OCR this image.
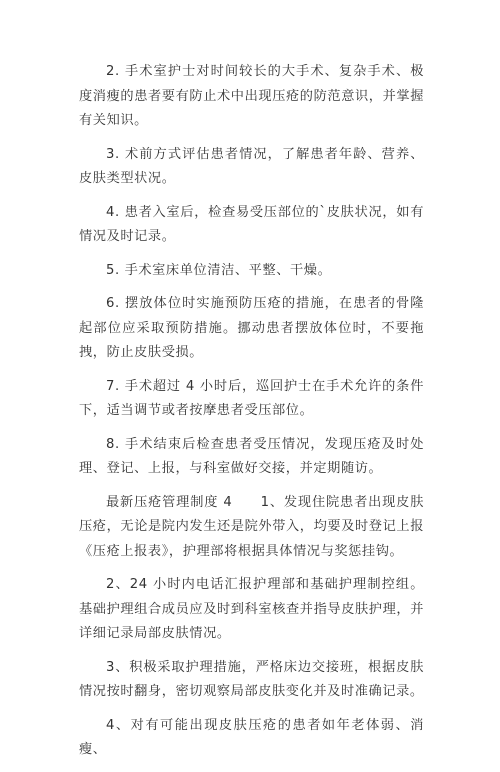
2. 手术室护士对时间较长的大手术、复杂手术、极度消瘦的患者要有防止术中出现压疮的防范意识，并掌握有关知识。

3. 术前方式评估患者情况，了解患者年龄、营养、皮肤类型状况。

4. 患者入室后，检查易受压部位的`皮肤状况，如有情况及时记录。

5. 手术室床单位清洁、平整、干燥。

6. 摆放体位时实施预防压疮的措施，在患者的骨隆起部位应采取预防措施。挪动患者摆放体位时，不要拖拽，防止皮肤受损。

7. 手术超过 4 小时后，巡回护士在手术允许的条件下，适当调节或者按摩患者受压部位。

8. 手术结束后检查患者受压情况，发现压疮及时处理、登记、上报，与科室做好交接，并定期随访。

最新压疮管理制度 4　　1、发现住院患者出现皮肤压疮，无论是院内发生还是院外带入，均要及时登记上报《压疮上报表》，护理部将根据具体情况与奖惩挂钩。

2、24 小时内电话汇报护理部和基础护理制控组。基础护理组合成员应及时到科室核查并指导皮肤护理，并详细记录局部皮肤情况。

3、积极采取护理措施，严格床边交接班，根据皮肤情况按时翻身，密切观察局部皮肤变化并及时准确记录。

4、对有可能出现皮肤压疮的患者如年老体弱、消瘦、
